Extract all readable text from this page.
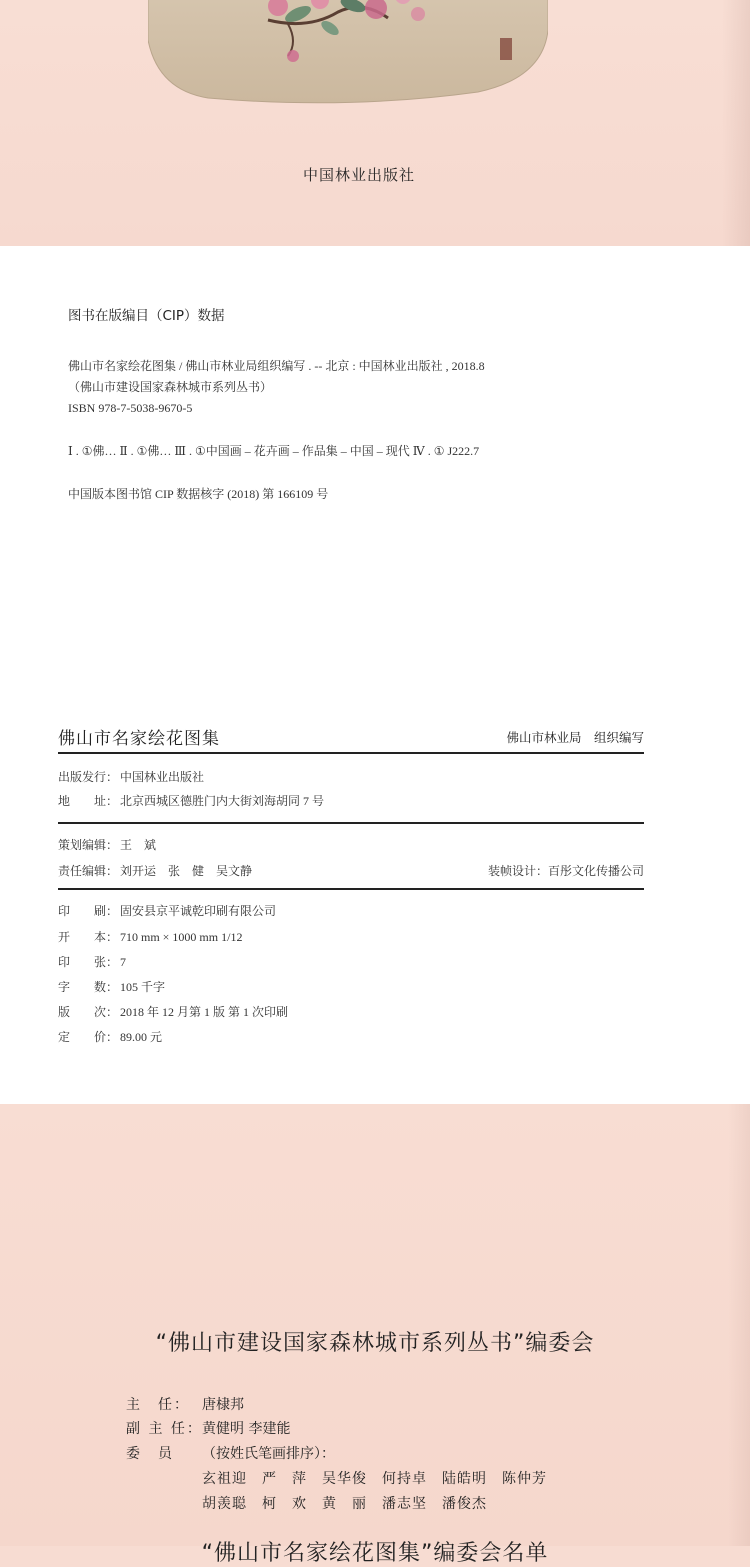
中国林业出版社
图书在版编目（CIP）数据
佛山市名家绘花图集 / 佛山市林业局组织编写 . -- 北京 : 中国林业出版社 , 2018.8
（佛山市建设国家森林城市系列丛书）
ISBN 978-7-5038-9670-5
Ⅰ . ①佛… Ⅱ . ①佛… Ⅲ . ①中国画 – 花卉画 – 作品集 – 中国 – 现代 Ⅳ . ① J222.7
中国版本图书馆 CIP 数据核字 (2018) 第 166109 号
佛山市名家绘花图集	佛山市林业局　组织编写
出版发行： 中国林业出版社
地　　址： 北京西城区德胜门内大街刘海胡同 7 号
策划编辑： 王　斌
责任编辑： 刘开运　张　健　吴文静	装帧设计：百彤文化传播公司
印　　刷： 固安县京平诚乾印刷有限公司
开　　本： 710 mm × 1000 mm 1/12
印　　张： 7
字　　数： 105 千字
版　　次： 2018 年 12 月第 1 版 第 1 次印刷
定　　价： 89.00 元
“佛山市建设国家森林城市系列丛书”编委会
主　任： 唐棣邦
副 主 任：黄健明 李建能
委　员 （按姓氏笔画排序）：
玄祖迎　严　萍　吴华俊　何持卓　陆皓明　陈仲芳
胡羡聪　柯　欢　黄　丽　潘志坚　潘俊杰
“佛山市名家绘花图集”编委会名单
